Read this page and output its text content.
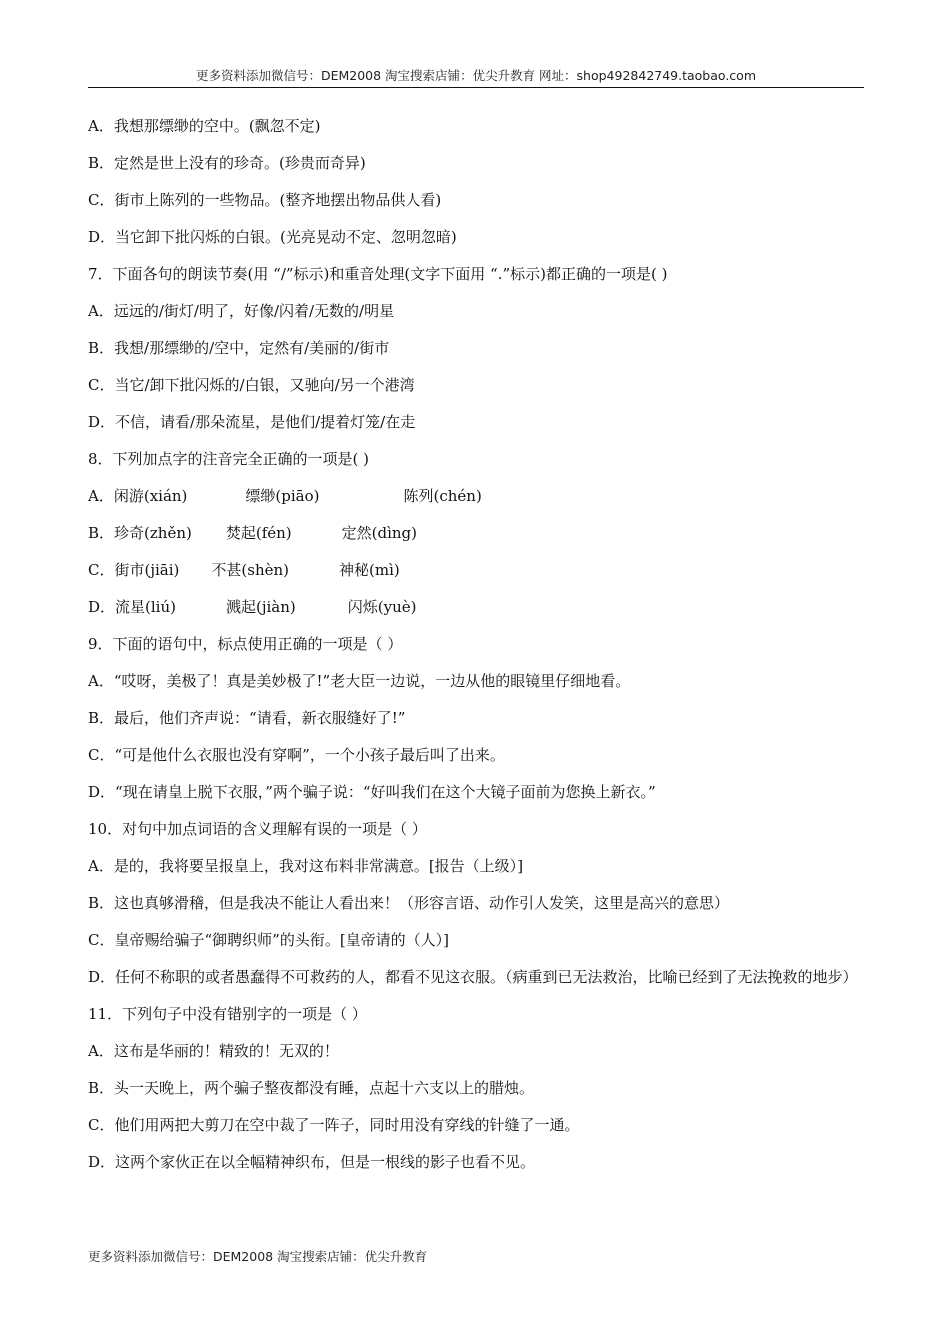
更多资料添加微信号：DEM2008 淘宝搜索店铺：优尖升教育 网址：shop492842749.taobao.com
A．我想那缥缈的空中。(飘忽不定)
B．定然是世上没有的珍奇。(珍贵而奇异)
C．街市上陈列的一些物品。(整齐地摆出物品供人看)
D．当它卸下批闪烁的白银。(光亮晃动不定、忽明忽暗)
7．下面各句的朗读节奏(用 “/”标示)和重音处理(文字下面用 “.”标示)都正确的一项是( )
A．远远的/街灯/明了，好像/闪着/无数的/明星
B．我想/那缥缈的/空中，定然有/美丽的/街市
C．当它/卸下批闪烁的/白银，又驰向/另一个港湾
D．不信，请看/那朵流星，是他们/提着灯笼/在走
8．下列加点字的注音完全正确的一项是( )
A．闲游(xián)	缥缈(piāo)	陈列(chén)
B．珍奇(zhěn) 焚起(fén)	定然(dìng)
C．街市(jiāi) 不甚(shèn)	神秘(mì)
D．流星(liú)	溅起(jiàn)	闪烁(yuè)
9．下面的语句中，标点使用正确的一项是（ ）
A．“哎呀，美极了！真是美妙极了!”老大臣一边说，一边从他的眼镜里仔细地看。
B．最后，他们齐声说：“请看，新衣服缝好了!”
C．“可是他什么衣服也没有穿啊”，一个小孩子最后叫了出来。
D．“现在请皇上脱下衣服，”两个骗子说：“好叫我们在这个大镜子面前为您换上新衣。”
10．对句中加点词语的含义理解有误的一项是（ ）
A．是的，我将要呈报皇上，我对这布料非常满意。[报告（上级）]
B．这也真够滑稽，但是我决不能让人看出来！（形容言语、动作引人发笑，这里是高兴的意思）
C．皇帝赐给骗子“御聘织师”的头衔。[皇帝请的（人）]
D．任何不称职的或者愚蠢得不可救药的人，都看不见这衣服。（病重到已无法救治，比喻已经到了无法挽救的地步）
11．下列句子中没有错别字的一项是（ ）
A．这布是华丽的！精致的！无双的！
B．头一天晚上，两个骗子整夜都没有睡，点起十六支以上的腊烛。
C．他们用两把大剪刀在空中裁了一阵子，同时用没有穿线的针缝了一通。
D．这两个家伙正在以全幅精神织布，但是一根线的影子也看不见。
更多资料添加微信号：DEM2008 淘宝搜索店铺：优尖升教育
